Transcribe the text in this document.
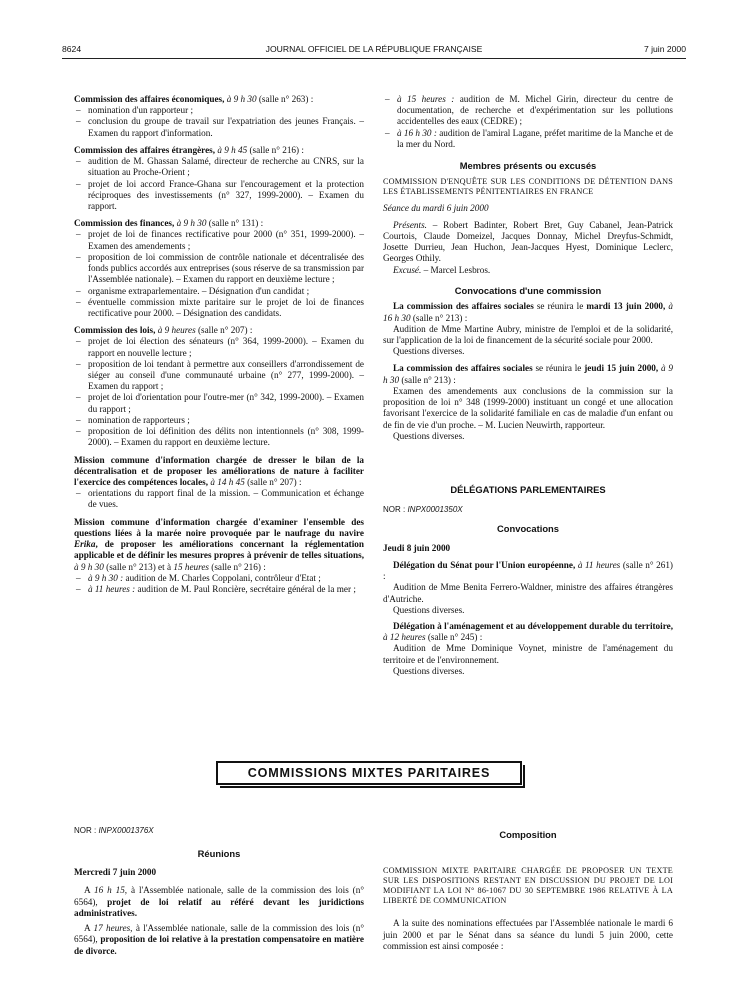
8624	JOURNAL OFFICIEL DE LA RÉPUBLIQUE FRANÇAISE	7 juin 2000

Commission des affaires économiques, à 9 h 30 (salle n° 263) :

– nomination d'un rapporteur ;
– conclusion du groupe de travail sur l'expatriation des jeunes Français. – Examen du rapport d'information.

Commission des affaires étrangères, à 9 h 45 (salle n° 216) :

– audition de M. Ghassan Salamé, directeur de recherche au CNRS, sur la situation au Proche-Orient ;
– projet de loi accord France-Ghana sur l'encouragement et la protection réciproques des investissements (n° 327, 1999-2000). – Examen du rapport.

Commission des finances, à 9 h 30 (salle n° 131) :

– projet de loi de finances rectificative pour 2000 (n° 351, 1999-2000). – Examen des amendements ;
– proposition de loi commission de contrôle nationale et décentralisée des fonds publics accordés aux entreprises (sous réserve de sa transmission par l'Assemblée nationale). – Examen du rapport en deuxième lecture ;
– organisme extraparlementaire. – Désignation d'un candidat ;
– éventuelle commission mixte paritaire sur le projet de loi de finances rectificative pour 2000. – Désignation des candidats.

Commission des lois, à 9 heures (salle n° 207) :

– projet de loi élection des sénateurs (n° 364, 1999-2000). – Examen du rapport en nouvelle lecture ;
– proposition de loi tendant à permettre aux conseillers d'arrondissement de siéger au conseil d'une communauté urbaine (n° 277, 1999-2000). – Examen du rapport ;
– projet de loi d'orientation pour l'outre-mer (n° 342, 1999-2000). – Examen du rapport ;
– nomination de rapporteurs ;
– proposition de loi définition des délits non intentionnels (n° 308, 1999-2000). – Examen du rapport en deuxième lecture.

Mission commune d'information chargée de dresser le bilan de la décentralisation et de proposer les améliorations de nature à faciliter l'exercice des compétences locales, à 14 h 45 (salle n° 207) :

– orientations du rapport final de la mission. – Communication et échange de vues.

Mission commune d'information chargée d'examiner l'ensemble des questions liées à la marée noire provoquée par le naufrage du navire Erika, de proposer les améliorations concernant la réglementation applicable et de définir les mesures propres à prévenir de telles situations, à 9 h 30 (salle n° 213) et à 15 heures (salle n° 216) :

– à 9 h 30 : audition de M. Charles Coppolani, contrôleur d'Etat ;
– à 11 heures : audition de M. Paul Roncière, secrétaire général de la mer ;
– à 15 heures : audition de M. Michel Girin, directeur du centre de documentation, de recherche et d'expérimentation sur les pollutions accidentelles des eaux (CEDRE) ;
– à 16 h 30 : audition de l'amiral Lagane, préfet maritime de la Manche et de la mer du Nord.
Membres présents ou excusés

COMMISSION D'ENQUÊTE SUR LES CONDITIONS DE DÉTENTION DANS LES ÉTABLISSEMENTS PÉNITENTIAIRES EN FRANCE

Séance du mardi 6 juin 2000

Présents. – Robert Badinter, Robert Bret, Guy Cabanel, Jean-Patrick Courtois, Claude Domeizel, Jacques Donnay, Michel Dreyfus-Schmidt, Josette Durrieu, Jean Huchon, Jean-Jacques Hyest, Dominique Leclerc, Georges Othily.

Excusé. – Marcel Lesbros.

Convocations d'une commission

La commission des affaires sociales se réunira le mardi 13 juin 2000, à 16 h 30 (salle n° 213) :

Audition de Mme Martine Aubry, ministre de l'emploi et de la solidarité, sur l'application de la loi de financement de la sécurité sociale pour 2000.

Questions diverses.

La commission des affaires sociales se réunira le jeudi 15 juin 2000, à 9 h 30 (salle n° 213) :

Examen des amendements aux conclusions de la commission sur la proposition de loi n° 348 (1999-2000) instituant un congé et une allocation favorisant l'exercice de la solidarité familiale en cas de maladie d'un enfant ou de fin de vie d'un proche. – M. Lucien Neuwirth, rapporteur.

Questions diverses.

DÉLÉGATIONS PARLEMENTAIRES

NOR : INPX0001350X

Convocations

Jeudi 8 juin 2000

Délégation du Sénat pour l'Union européenne, à 11 heures (salle n° 261) :

Audition de Mme Benita Ferrero-Waldner, ministre des affaires étrangères d'Autriche.

Questions diverses.

Délégation à l'aménagement et au développement durable du territoire, à 12 heures (salle n° 245) :

Audition de Mme Dominique Voynet, ministre de l'aménagement du territoire et de l'environnement.

Questions diverses.

COMMISSIONS MIXTES PARITAIRES

NOR : INPX0001376X

Réunions

Mercredi 7 juin 2000

A 16 h 15, à l'Assemblée nationale, salle de la commission des lois (n° 6564), projet de loi relatif au référé devant les juridictions administratives.

A 17 heures, à l'Assemblée nationale, salle de la commission des lois (n° 6564), proposition de loi relative à la prestation compensatoire en matière de divorce.

Composition

COMMISSION MIXTE PARITAIRE CHARGÉE DE PROPOSER UN TEXTE SUR LES DISPOSITIONS RESTANT EN DISCUSSION DU PROJET DE LOI MODIFIANT LA LOI N° 86-1067 DU 30 SEPTEMBRE 1986 RELATIVE À LA LIBERTÉ DE COMMUNICATION

A la suite des nominations effectuées par l'Assemblée nationale le mardi 6 juin 2000 et par le Sénat dans sa séance du lundi 5 juin 2000, cette commission est ainsi composée :
